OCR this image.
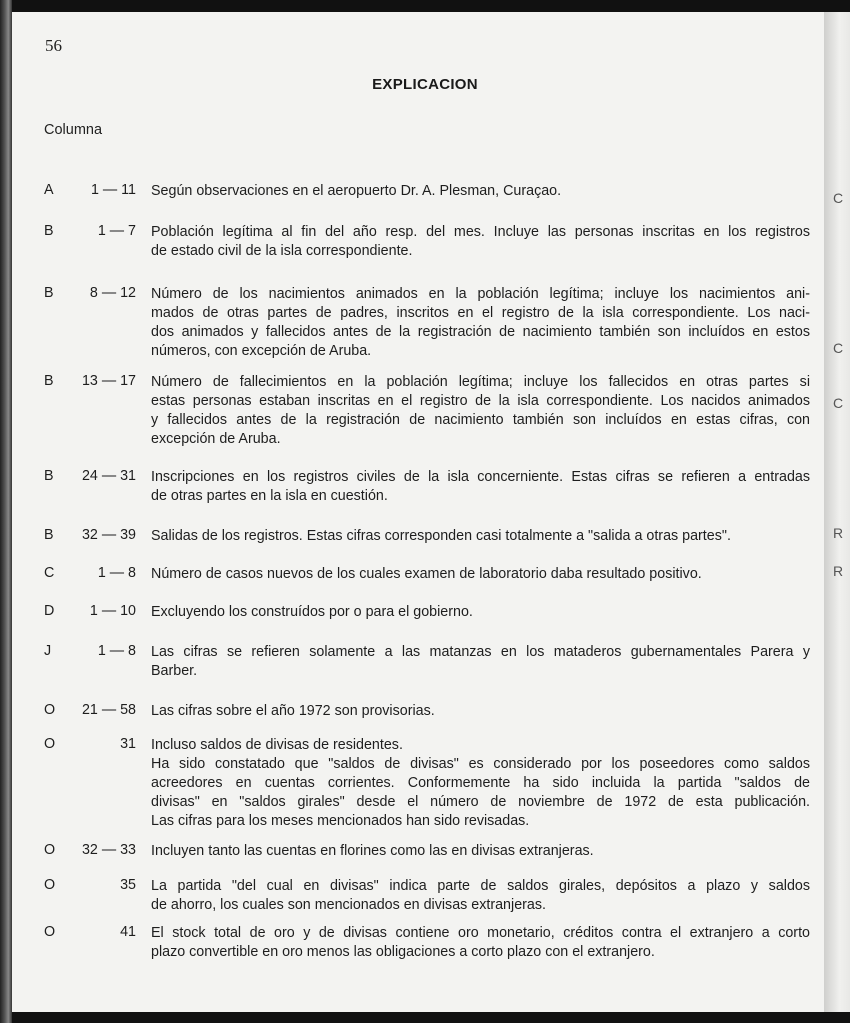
56
EXPLICACION
Columna
A	1 — 11 Según observaciones en el aeropuerto Dr. A. Plesman, Curaçao.
B	1 — 7 Población legítima al fin del año resp. del mes. Incluye las personas inscritas en los registros
de estado civil de la isla correspondiente.
B	8 — 12 Número de los nacimientos animados en la población legítima; incluye los nacimientos ani-
mados de otras partes de padres, inscritos en el registro de la isla correspondiente. Los naci-
dos animados y fallecidos antes de la registración de nacimiento también son incluídos en estos
números, con excepción de Aruba.
B	13 — 17 Número de fallecimientos en la población legítima; incluye los fallecidos en otras partes si
estas personas estaban inscritas en el registro de la isla correspondiente. Los nacidos animados
y fallecidos antes de la registración de nacimiento también son incluídos en estas cifras, con
excepción de Aruba.
B	24 — 31 Inscripciones en los registros civiles de la isla concerniente. Estas cifras se refieren a entradas
de otras partes en la isla en cuestión.
B	32 — 39 Salidas de los registros. Estas cifras corresponden casi totalmente a "salida a otras partes".
C	1 — 8 Número de casos nuevos de los cuales examen de laboratorio daba resultado positivo.
D	1 — 10 Excluyendo los construídos por o para el gobierno.
J	1 — 8 Las cifras se refieren solamente a las matanzas en los mataderos gubernamentales Parera y
Barber.
O	21 — 58 Las cifras sobre el año 1972 son provisorias.
O	31 Incluso saldos de divisas de residentes.
Ha sido constatado que "saldos de divisas" es considerado por los poseedores como saldos
acreedores en cuentas corrientes. Conformemente ha sido incluida la partida "saldos de
divisas" en "saldos girales" desde el número de noviembre de 1972 de esta publicación.
Las cifras para los meses mencionados han sido revisadas.
O	32 — 33 Incluyen tanto las cuentas en florines como las en divisas extranjeras.
O	35 La partida "del cual en divisas" indica parte de saldos girales, depósitos a plazo y saldos
de ahorro, los cuales son mencionados en divisas extranjeras.
O	41 El stock total de oro y de divisas contiene oro monetario, créditos contra el extranjero a corto
plazo convertible en oro menos las obligaciones a corto plazo con el extranjero.
C
C
C
R
R
